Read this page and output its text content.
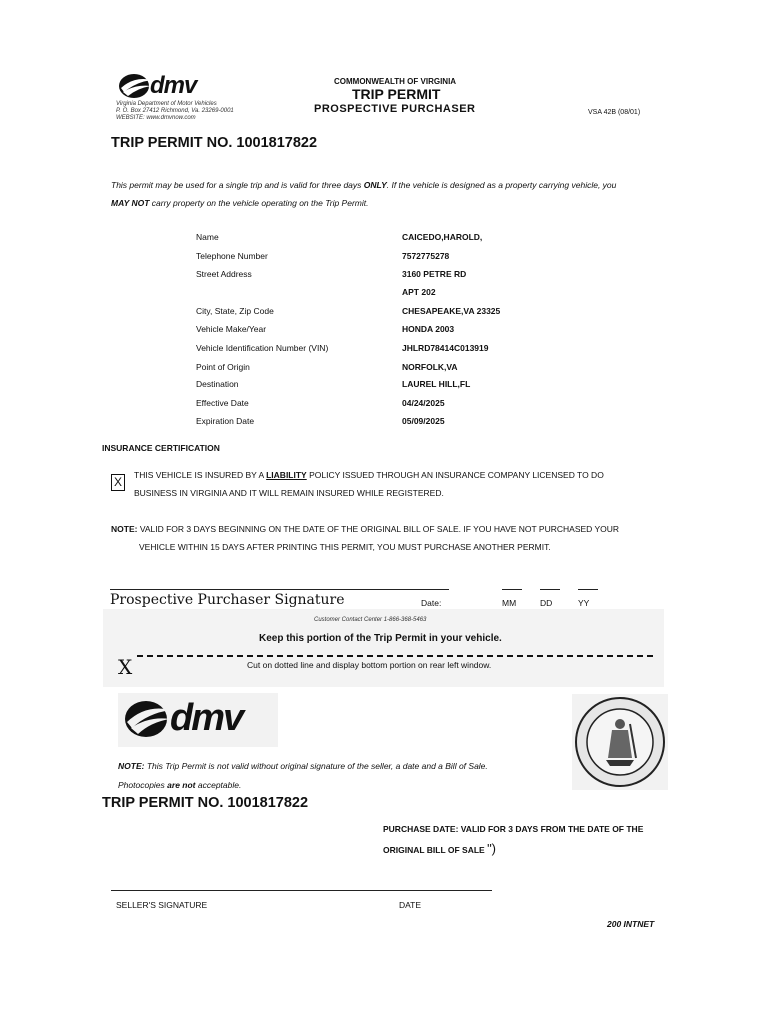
dmv
Virginia Department of Motor Vehicles
P. O. Box 27412 Richmond, Va. 23269-0001
WEBSITE: www.dmvnow.com
COMMONWEALTH OF VIRGINIA
TRIP PERMIT
PROSPECTIVE PURCHASER	VSA 42B (08/01)
TRIP PERMIT NO. 1001817822
This permit may be used for a single trip and is valid for three days ONLY. If the vehicle is designed as a property carrying vehicle, you
MAY NOT carry property on the vehicle operating on the Trip Permit.
Name	CAICEDO,HAROLD,
Telephone Number	7572775278
Street Address	3160 PETRE RD
APT 202
City, State, Zip Code	CHESAPEAKE,VA 23325
Vehicle Make/Year	HONDA 2003
Vehicle Identification Number (VIN)	JHLRD78414C013919
Point of Origin	NORFOLK,VA
Destination	LAUREL HILL,FL
Effective Date	04/24/2025
Expiration Date	05/09/2025
INSURANCE CERTIFICATION
X	THIS VEHICLE IS INSURED BY A LIABILITY POLICY ISSUED THROUGH AN INSURANCE COMPANY LICENSED TO DO
BUSINESS IN VIRGINIA AND IT WILL REMAIN INSURED WHILE REGISTERED.
NOTE: VALID FOR 3 DAYS BEGINNING ON THE DATE OF THE ORIGINAL BILL OF SALE. IF YOU HAVE NOT PURCHASED YOUR
VEHICLE WITHIN 15 DAYS AFTER PRINTING THIS PERMIT, YOU MUST PURCHASE ANOTHER PERMIT.
Prospective Purchaser Signature	Date:	MM	DD	YY
Customer Contact Center 1-866-368-5463
Keep this portion of the Trip Permit in your vehicle.
X	Cut on dotted line and display bottom portion on rear left window.
dmv
NOTE: This Trip Permit is not valid without original signature of the seller, a date and a Bill of Sale.
Photocopies are not acceptable.
TRIP PERMIT NO. 1001817822
PURCHASE DATE: VALID FOR 3 DAYS FROM THE DATE OF THE
ORIGINAL BILL OF SALE ")
SELLER'S SIGNATURE	DATE
200 INTNET
